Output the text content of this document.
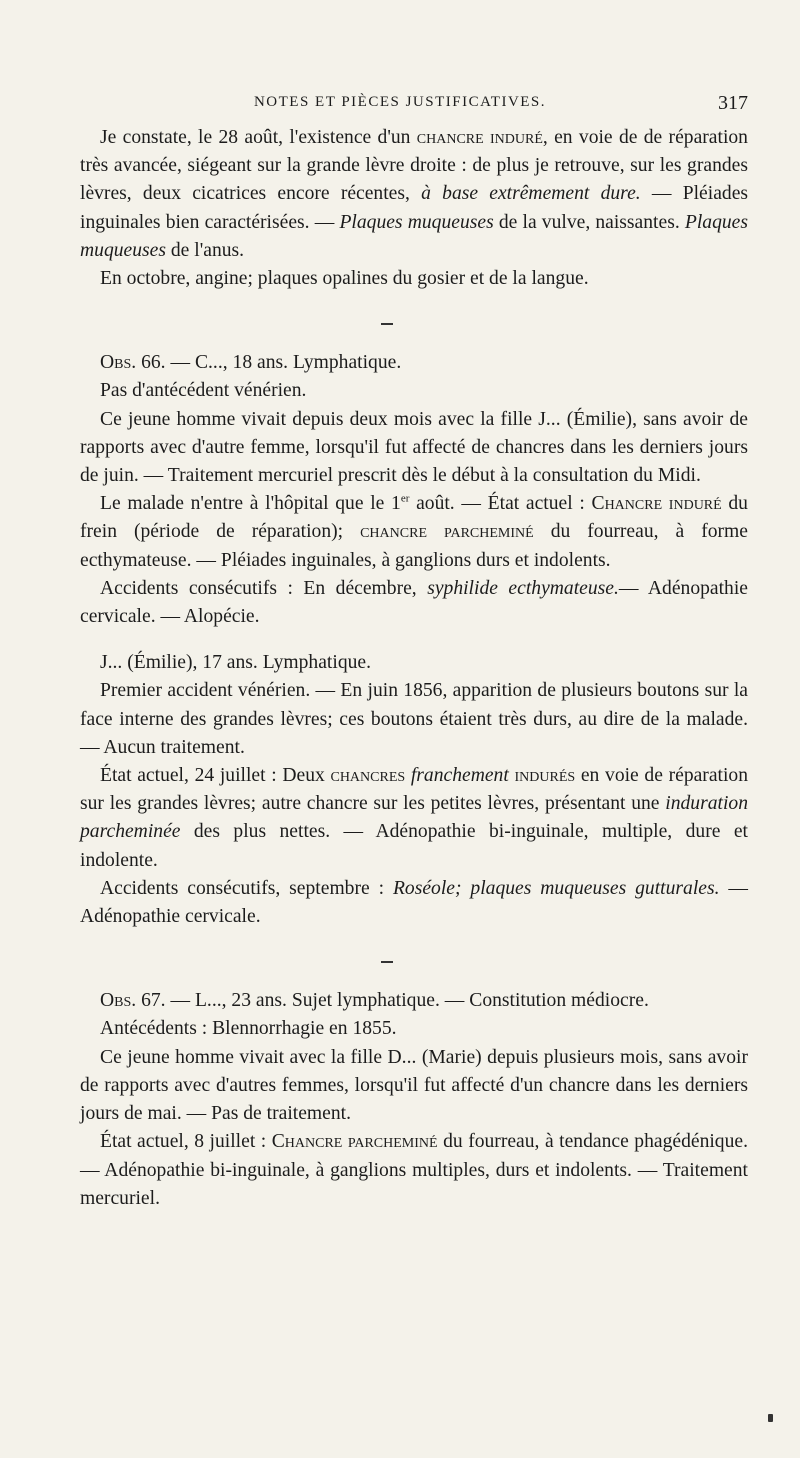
NOTES ET PIÈCES JUSTIFICATIVES.	317

Je constate, le 28 août, l'existence d'un chancre induré, en voie de de réparation très avancée, siégeant sur la grande lèvre droite : de plus je retrouve, sur les grandes lèvres, deux cicatrices encore récentes, à base extrêmement dure. — Pléiades inguinales bien caractérisées. — Plaques muqueuses de la vulve, naissantes. Plaques muqueuses de l'anus.

En octobre, angine; plaques opalines du gosier et de la langue.

Obs. 66. — C..., 18 ans. Lymphatique.

Pas d'antécédent vénérien.

Ce jeune homme vivait depuis deux mois avec la fille J... (Émilie), sans avoir de rapports avec d'autre femme, lorsqu'il fut affecté de chancres dans les derniers jours de juin. — Traitement mercuriel prescrit dès le début à la consultation du Midi.

Le malade n'entre à l'hôpital que le 1er août. — État actuel : Chancre induré du frein (période de réparation); chancre parcheminé du fourreau, à forme ecthymateuse. — Pléiades inguinales, à ganglions durs et indolents.

Accidents consécutifs : En décembre, syphilide ecthymateuse.— Adénopathie cervicale. — Alopécie.

J... (Émilie), 17 ans. Lymphatique.

Premier accident vénérien. — En juin 1856, apparition de plusieurs boutons sur la face interne des grandes lèvres; ces boutons étaient très durs, au dire de la malade. — Aucun traitement.

État actuel, 24 juillet : Deux chancres franchement indurés en voie de réparation sur les grandes lèvres; autre chancre sur les petites lèvres, présentant une induration parcheminée des plus nettes. — Adénopathie bi-inguinale, multiple, dure et indolente.

Accidents consécutifs, septembre : Roséole; plaques muqueuses gutturales. — Adénopathie cervicale.

Obs. 67. — L..., 23 ans. Sujet lymphatique. — Constitution médiocre.

Antécédents : Blennorrhagie en 1855.

Ce jeune homme vivait avec la fille D... (Marie) depuis plusieurs mois, sans avoir de rapports avec d'autres femmes, lorsqu'il fut affecté d'un chancre dans les derniers jours de mai. — Pas de traitement.

État actuel, 8 juillet : Chancre parcheminé du fourreau, à tendance phagédénique. — Adénopathie bi-inguinale, à ganglions multiples, durs et indolents. — Traitement mercuriel.
